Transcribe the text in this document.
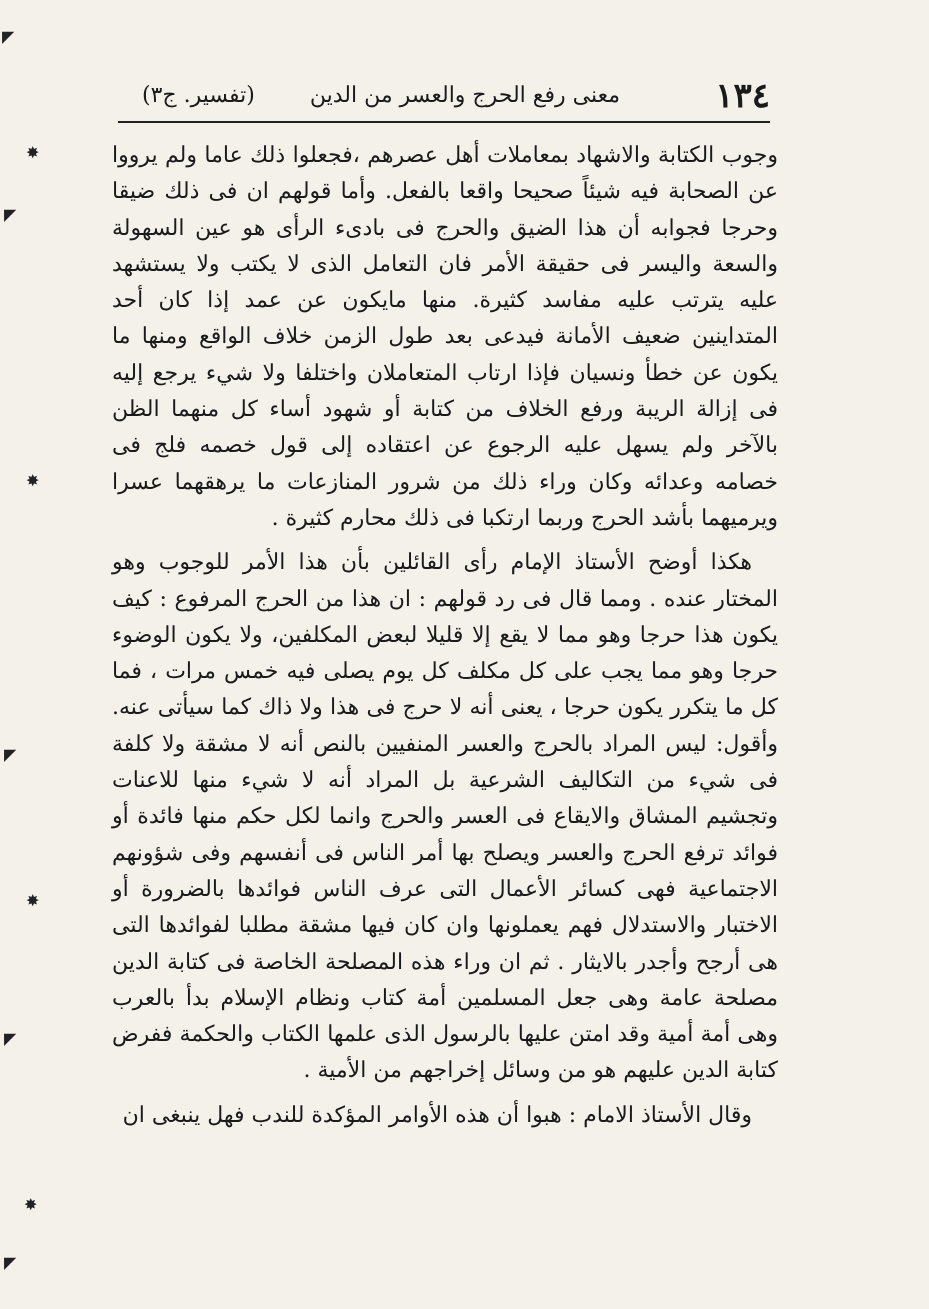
١٣٤
معنى رفع الحرج والعسر من الدين
(تفسير. ج٣)

وجوب الكتابة والاشهاد بمعاملات أهل عصرهم ،فجعلوا ذلك عاما ولم يرووا عن الصحابة فيه شيئاً صحيحا واقعا بالفعل. وأما قولهم ان فى ذلك ضيقا وحرجا فجوابه أن هذا الضيق والحرج فى بادىء الرأى هو عين السهولة والسعة واليسر فى حقيقة الأمر فان التعامل الذى لا يكتب ولا يستشهد عليه يترتب عليه مفاسد كثيرة. منها مايكون عن عمد إذا كان أحد المتداينين ضعيف الأمانة فيدعى بعد طول الزمن خلاف الواقع ومنها ما يكون عن خطأ ونسيان فإذا ارتاب المتعاملان واختلفا ولا شيء يرجع إليه فى إزالة الريبة ورفع الخلاف من كتابة أو شهود أساء كل منهما الظن بالآخر ولم يسهل عليه الرجوع عن اعتقاده إلى قول خصمه فلج فى خصامه وعدائه وكان وراء ذلك من شرور المنازعات ما يرهقهما عسرا ويرميهما بأشد الحرج وربما ارتكبا فى ذلك محارم كثيرة .

هكذا أوضح الأستاذ الإمام رأى القائلين بأن هذا الأمر للوجوب وهو المختار عنده . ومما قال فى رد قولهم : ان هذا من الحرج المرفوع : كيف يكون هذا حرجا وهو مما لا يقع إلا قليلا لبعض المكلفين، ولا يكون الوضوء حرجا وهو مما يجب على كل مكلف كل يوم يصلى فيه خمس مرات ، فما كل ما يتكرر يكون حرجا ، يعنى أنه لا حرج فى هذا ولا ذاك كما سيأتى عنه. وأقول: ليس المراد بالحرج والعسر المنفيين بالنص أنه لا مشقة ولا كلفة فى شيء من التكاليف الشرعية بل المراد أنه لا شيء منها للاعنات وتجشيم المشاق والايقاع فى العسر والحرج وانما لكل حكم منها فائدة أو فوائد ترفع الحرج والعسر ويصلح بها أمر الناس فى أنفسهم وفى شؤونهم الاجتماعية فهى كسائر الأعمال التى عرف الناس فوائدها بالضرورة أو الاختبار والاستدلال فهم يعملونها وان كان فيها مشقة مطلبا لفوائدها التى هى أرجح وأجدر بالايثار . ثم ان وراء هذه المصلحة الخاصة فى كتابة الدين مصلحة عامة وهى جعل المسلمين أمة كتاب ونظام الإسلام بدأ بالعرب وهى أمة أمية وقد امتن عليها بالرسول الذى علمها الكتاب والحكمة ففرض كتابة الدين عليهم هو من وسائل إخراجهم من الأمية .

وقال الأستاذ الامام : هبوا أن هذه الأوامر المؤكدة للندب فهل ينبغى ان

◤
✸
◤
✸
◤
✸
◤
✸
◤
